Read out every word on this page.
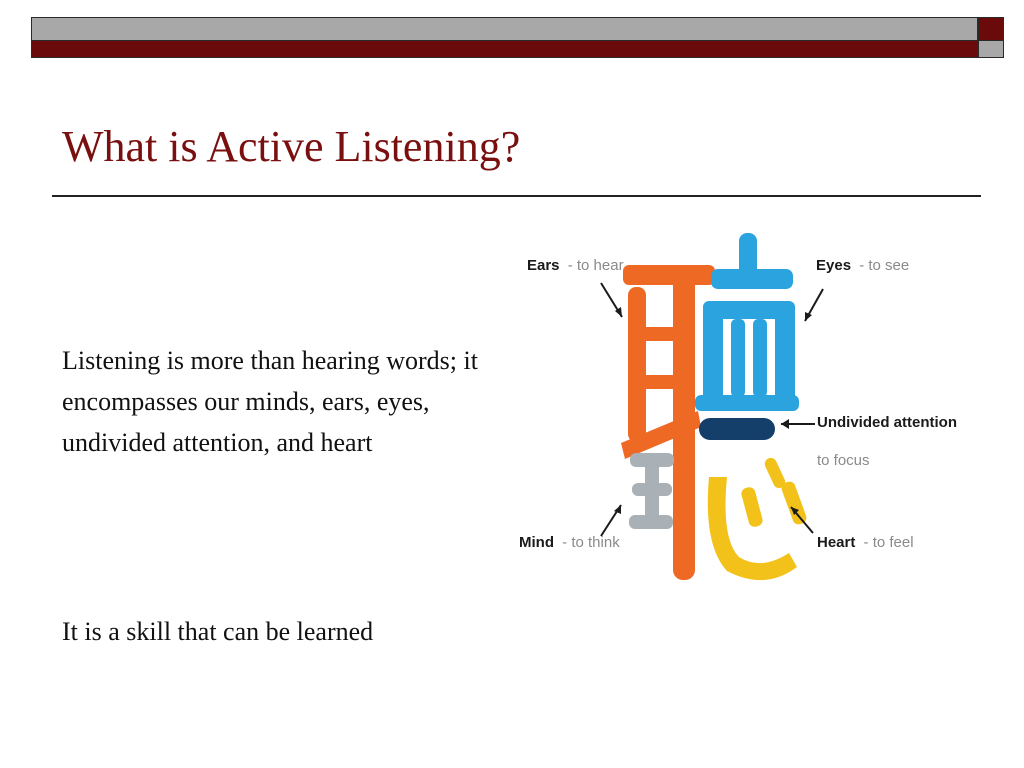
What is Active Listening?

Listening is more than hearing words; it encompasses our minds, ears, eyes, undivided attention, and heart

It is a skill that can be learned

Ears - to hear	Eyes - to see
Undivided attention
to focus
Mind - to think	Heart - to feel
